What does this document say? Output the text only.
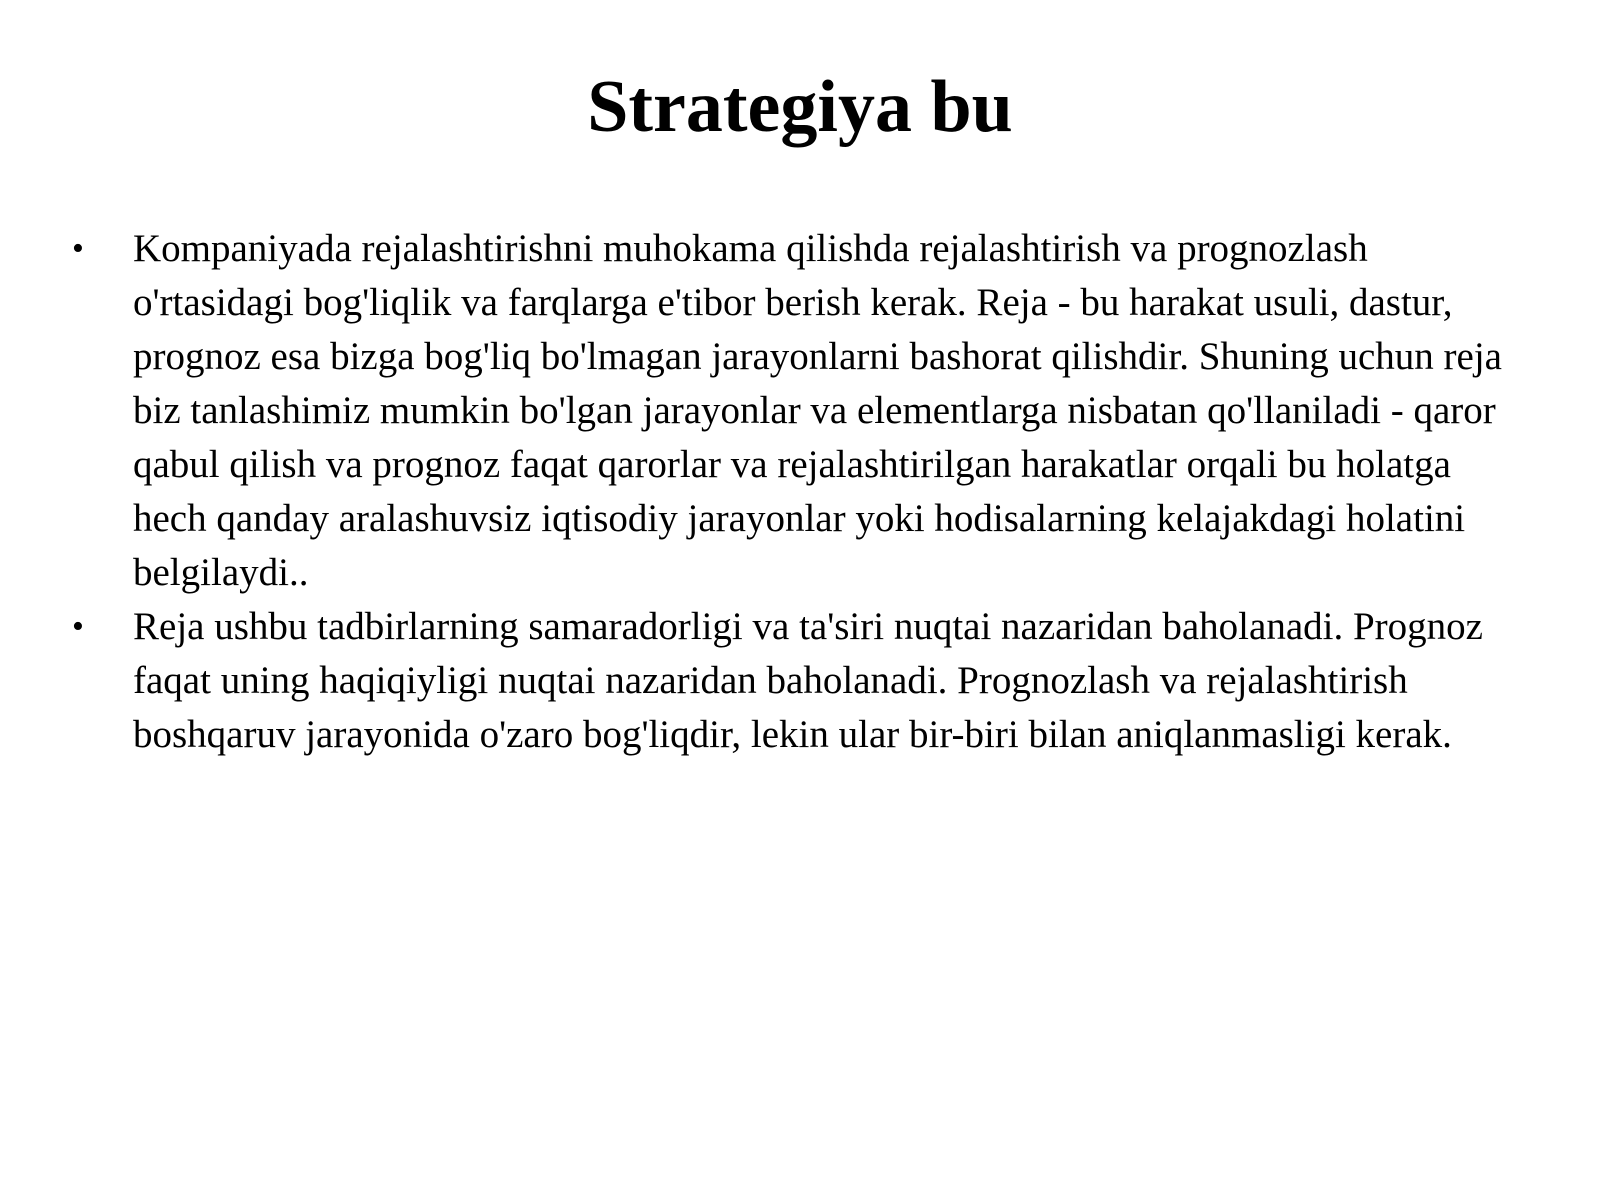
Strategiya bu
• Kompaniyada rejalashtirishni muhokama qilishda rejalashtirish va prognozlash o'rtasidagi bog'liqlik va farqlarga e'tibor berish kerak. Reja - bu harakat usuli, dastur, prognoz esa bizga bog'liq bo'lmagan jarayonlarni bashorat qilishdir. Shuning uchun reja biz tanlashimiz mumkin bo'lgan jarayonlar va elementlarga nisbatan qo'llaniladi - qaror qabul qilish va prognoz faqat qarorlar va rejalashtirilgan harakatlar orqali bu holatga hech qanday aralashuvsiz iqtisodiy jarayonlar yoki hodisalarning kelajakdagi holatini belgilaydi..
• Reja ushbu tadbirlarning samaradorligi va ta'siri nuqtai nazaridan baholanadi. Prognoz faqat uning haqiqiyligi nuqtai nazaridan baholanadi. Prognozlash va rejalashtirish boshqaruv jarayonida o'zaro bog'liqdir, lekin ular bir-biri bilan aniqlanmasligi kerak.
